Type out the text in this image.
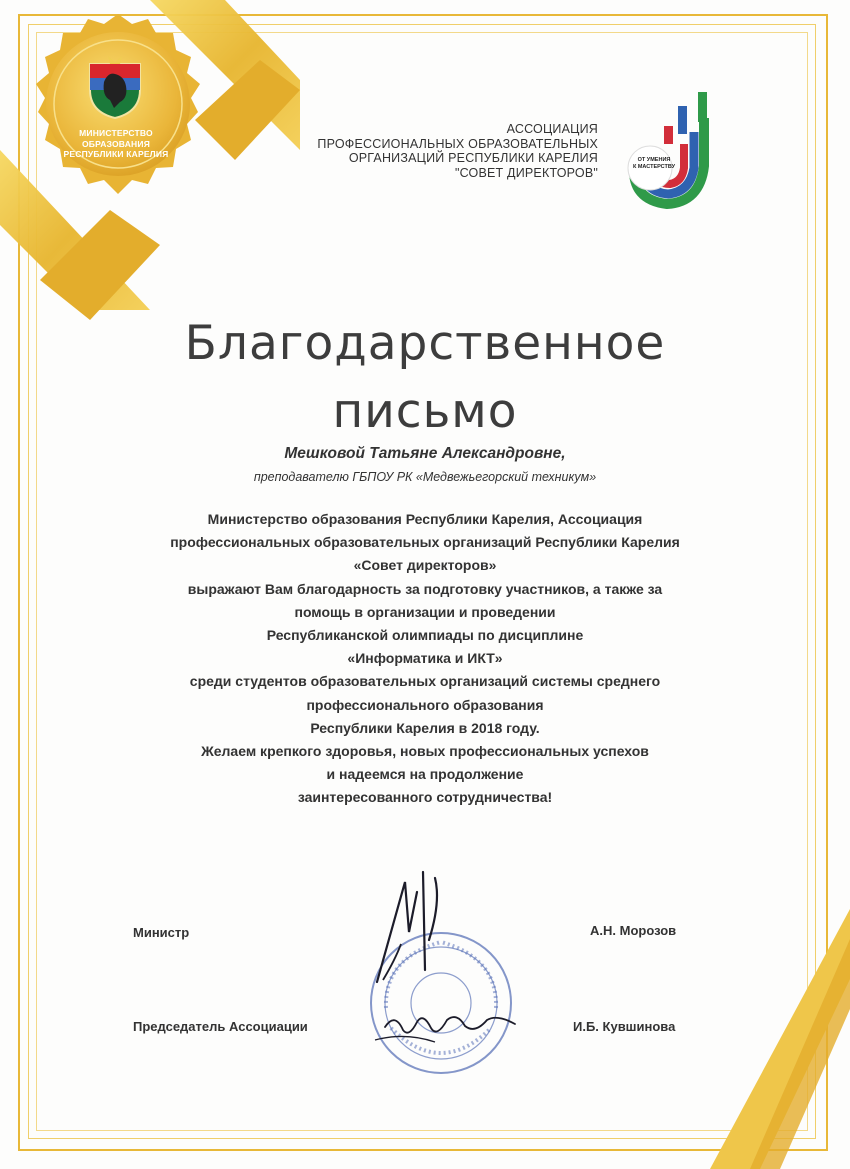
МИНИСТЕРСТВО
ОБРАЗОВАНИЯ
РЕСПУБЛИКИ КАРЕЛИЯ
АССОЦИАЦИЯ
ПРОФЕССИОНАЛЬНЫХ ОБРАЗОВАТЕЛЬНЫХ
ОРГАНИЗАЦИЙ РЕСПУБЛИКИ КАРЕЛИЯ
"СОВЕТ ДИРЕКТОРОВ"
ОТ УМЕНИЯ
К МАСТЕРСТВУ
Благодарственное
письмо
Мешковой Татьяне Александровне,
преподавателю ГБПОУ РК «Медвежьегорский техникум»
Министерство образования Республики Карелия, Ассоциация
профессиональных образовательных организаций Республики Карелия
«Совет директоров»
выражают Вам благодарность за подготовку участников, а также за
помощь в организации и проведении
Республиканской олимпиады по дисциплине
«Информатика и ИКТ»
среди студентов образовательных организаций системы среднего
профессионального образования
Республики Карелия в 2018 году.
Желаем крепкого здоровья, новых профессиональных успехов
и надеемся на продолжение
заинтересованного сотрудничества!
Министр	А.Н. Морозов
Председатель Ассоциации	И.Б. Кувшинова
